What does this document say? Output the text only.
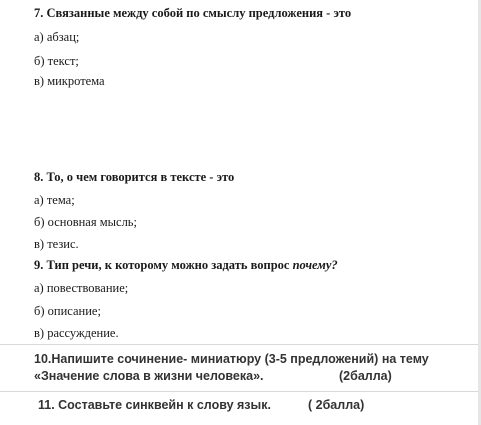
7. Связанные между собой по смыслу предложения - это
а) абзац;
б) текст;
в) микротема
8. То, о чем говорится в тексте - это
а) тема;
б) основная мысль;
в) тезис.
9. Тип речи, к которому можно задать вопрос почему?
а) повествование;
б) описание;
в) рассуждение.
10.Напишите сочинение- миниатюру (3-5 предложений) на тему
«Значение слова в жизни человека».	(2балла)
11. Составьте синквейн к слову язык.	( 2балла)
